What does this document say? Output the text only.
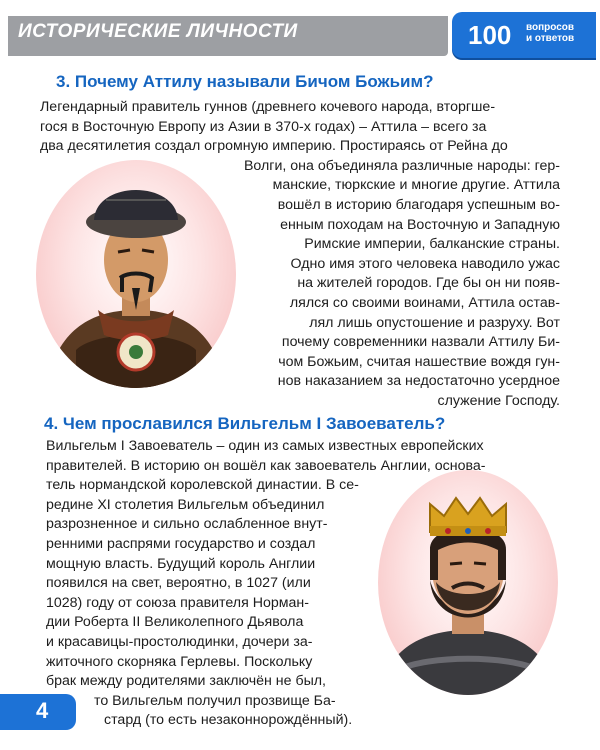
ИСТОРИЧЕСКИЕ ЛИЧНОСТИ	100 вопросов
и ответов
3. Почему Аттилу называли Бичом Божьим?
Легендарный правитель гуннов (древнего кочевого народа, вторгше-
гося в Восточную Европу из Азии в 370-х годах) – Аттила – всего за
два десятилетия создал огромную империю. Простираясь от Рейна до
Волги, она объединяла различные народы: гер-
манские, тюркские и многие другие. Аттила
вошёл в историю благодаря успешным во-
енным походам на Восточную и Западную
Римские империи, балканские страны.
Одно имя этого человека наводило ужас
на жителей городов. Где бы он ни появ-
лялся со своими воинами, Аттила остав-
лял лишь опустошение и разруху. Вот
почему современники назвали Аттилу Би-
чом Божьим, считая нашествие вождя гун-
нов наказанием за недостаточно усердное
служение Господу.
4. Чем прославился Вильгельм I Завоеватель?
Вильгельм I Завоеватель – один из самых известных европейских
правителей. В историю он вошёл как завоеватель Англии, основа-
тель нормандской королевской династии. В се-
редине XI столетия Вильгельм объединил
разрозненное и сильно ослабленное внут-
ренними распрями государство и создал
мощную власть. Будущий король Англии
появился на свет, вероятно, в 1027 (или
1028) году от союза правителя Норман-
дии Роберта II Великолепного Дьявола
и красавицы-простолюдинки, дочери за-
житочного скорняка Герлевы. Поскольку
брак между родителями заключён не был,
то Вильгельм получил прозвище Ба-
стард (то есть незаконнорождённый).
4
